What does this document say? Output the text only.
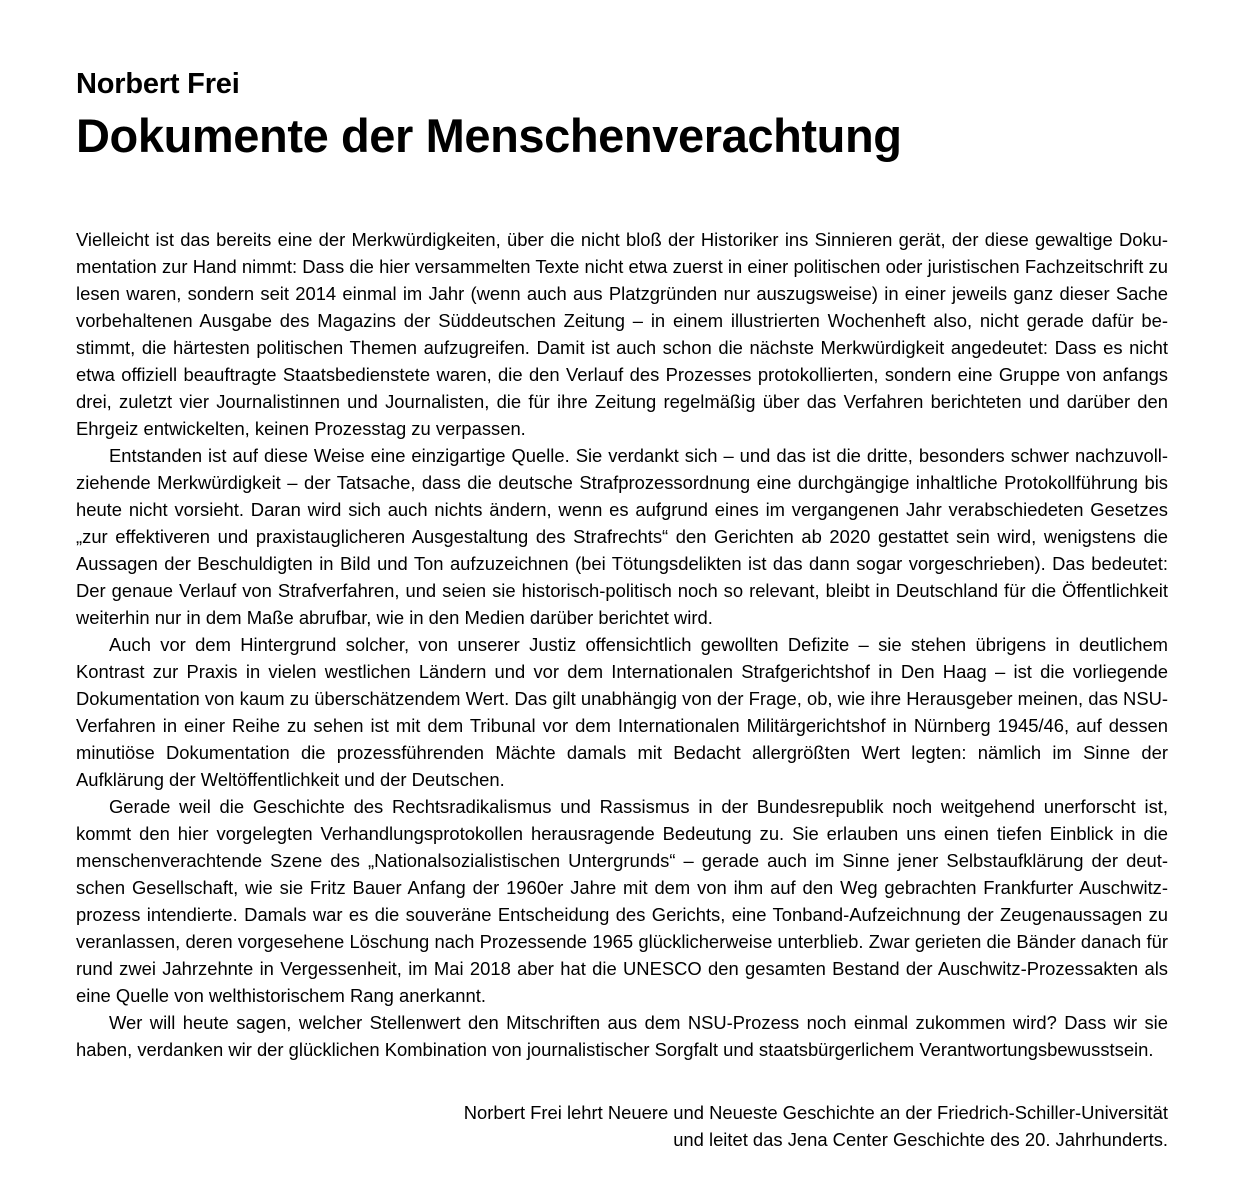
Norbert Frei
Dokumente der Menschenverachtung

Vielleicht ist das bereits eine der Merkwürdigkeiten, über die nicht bloß der Historiker ins Sinnieren gerät, der diese gewaltige Dokumentation zur Hand nimmt: Dass die hier versammelten Texte nicht etwa zuerst in einer politischen oder juristischen Fachzeitschrift zu lesen waren, sondern seit 2014 einmal im Jahr (wenn auch aus Platzgründen nur auszugsweise) in einer jeweils ganz dieser Sache vorbehaltenen Ausgabe des Magazins der Süddeutschen Zeitung – in einem illustrierten Wochenheft also, nicht gerade dafür bestimmt, die härtesten politischen Themen aufzugreifen. Damit ist auch schon die nächste Merkwürdigkeit angedeutet: Dass es nicht etwa offiziell beauftragte Staatsbedienstete waren, die den Verlauf des Prozesses protokollierten, sondern eine Gruppe von anfangs drei, zuletzt vier Journalistinnen und Journalisten, die für ihre Zeitung regelmäßig über das Verfahren berichteten und darüber den Ehrgeiz entwickelten, keinen Prozesstag zu verpassen.

Entstanden ist auf diese Weise eine einzigartige Quelle. Sie verdankt sich – und das ist die dritte, besonders schwer nachzuvollziehende Merkwürdigkeit – der Tatsache, dass die deutsche Strafprozessordnung eine durchgängige inhaltliche Protokollführung bis heute nicht vorsieht. Daran wird sich auch nichts ändern, wenn es aufgrund eines im vergangenen Jahr verabschiedeten Gesetzes „zur effektiveren und praxistauglicheren Ausgestaltung des Strafrechts“ den Gerichten ab 2020 gestattet sein wird, wenigstens die Aussagen der Beschuldigten in Bild und Ton aufzuzeichnen (bei Tötungsdelikten ist das dann sogar vorgeschrieben). Das bedeutet: Der genaue Verlauf von Strafverfahren, und seien sie historisch-politisch noch so relevant, bleibt in Deutschland für die Öffentlichkeit weiterhin nur in dem Maße abrufbar, wie in den Medien darüber berichtet wird.

Auch vor dem Hintergrund solcher, von unserer Justiz offensichtlich gewollten Defizite – sie stehen übrigens in deutlichem Kontrast zur Praxis in vielen westlichen Ländern und vor dem Internationalen Strafgerichtshof in Den Haag – ist die vorliegende Dokumentation von kaum zu überschätzendem Wert. Das gilt unabhängig von der Frage, ob, wie ihre Herausgeber meinen, das NSU-Verfahren in einer Reihe zu sehen ist mit dem Tribunal vor dem Internationalen Militärgerichtshof in Nürnberg 1945/46, auf dessen minutiöse Dokumentation die prozessführenden Mächte damals mit Bedacht allergrößten Wert legten: nämlich im Sinne der Aufklärung der Weltöffentlichkeit und der Deutschen.

Gerade weil die Geschichte des Rechtsradikalismus und Rassismus in der Bundesrepublik noch weitgehend unerforscht ist, kommt den hier vorgelegten Verhandlungsprotokollen herausragende Bedeutung zu. Sie erlauben uns einen tiefen Einblick in die menschenverachtende Szene des „Nationalsozialistischen Untergrunds“ – gerade auch im Sinne jener Selbstaufklärung der deutschen Gesellschaft, wie sie Fritz Bauer Anfang der 1960er Jahre mit dem von ihm auf den Weg gebrachten Frankfurter Auschwitzprozess intendierte. Damals war es die souveräne Entscheidung des Gerichts, eine Tonband-Aufzeichnung der Zeugenaussagen zu veranlassen, deren vorgesehene Löschung nach Prozessende 1965 glücklicherweise unterblieb. Zwar gerieten die Bänder danach für rund zwei Jahrzehnte in Vergessenheit, im Mai 2018 aber hat die UNESCO den gesamten Bestand der Auschwitz-Prozessakten als eine Quelle von welthistorischem Rang anerkannt.

Wer will heute sagen, welcher Stellenwert den Mitschriften aus dem NSU-Prozess noch einmal zukommen wird? Dass wir sie haben, verdanken wir der glücklichen Kombination von journalistischer Sorgfalt und staatsbürgerlichem Verantwortungsbewusstsein.

Norbert Frei lehrt Neuere und Neueste Geschichte an der Friedrich-Schiller-Universität
und leitet das Jena Center Geschichte des 20. Jahrhunderts.
